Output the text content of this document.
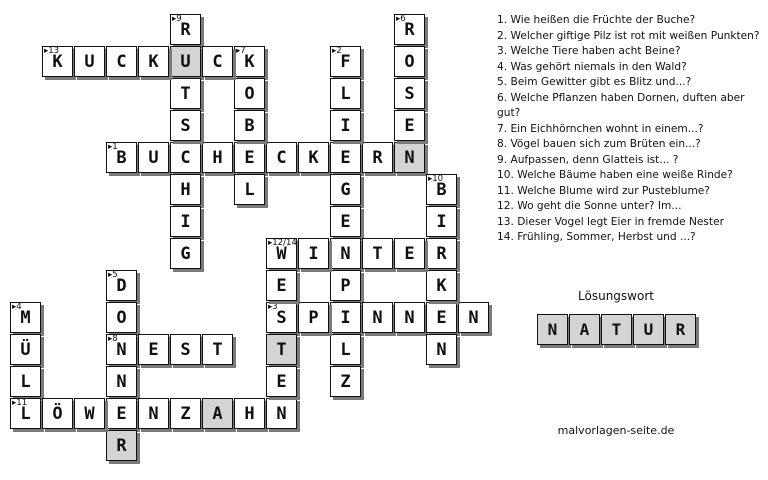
B
▸1
U C H E C K E R N
F
▸2
L
I
G
E
N
P
I
L
Z
S
▸3
P	N N E N
M
▸4
Ü
L
L
▸11
D
▸5
O
N
▸8
N
E
R
R
▸6
O
S
E
K
▸7
O
B
L
E S T
R
▸9
U
T
S
H
I
G
B
▸10
I
R
K
N
Ö W	N Z A H N
W
▸12/14
E
T
E
K
▸13
U C K	C
I	T E
1. Wie heißen die Früchte der Buche?
2. Welcher giftige Pilz ist rot mit weißen Punkten?
3. Welche Tiere haben acht Beine?
4. Was gehört niemals in den Wald?
5. Beim Gewitter gibt es Blitz und...?
6. Welche Pflanzen haben Dornen, duften aber gut?
7. Ein Eichhörnchen wohnt in einem...?
8. Vögel bauen sich zum Brüten ein...?
9. Aufpassen, denn Glatteis ist... ?
10. Welche Bäume haben eine weiße Rinde?
11. Welche Blume wird zur Pusteblume?
12. Wo geht die Sonne unter? Im...
13. Dieser Vogel legt Eier in fremde Nester
14. Frühling, Sommer, Herbst und ...?
Lösungswort
N	A	T	U	R
malvorlagen-seite.de
